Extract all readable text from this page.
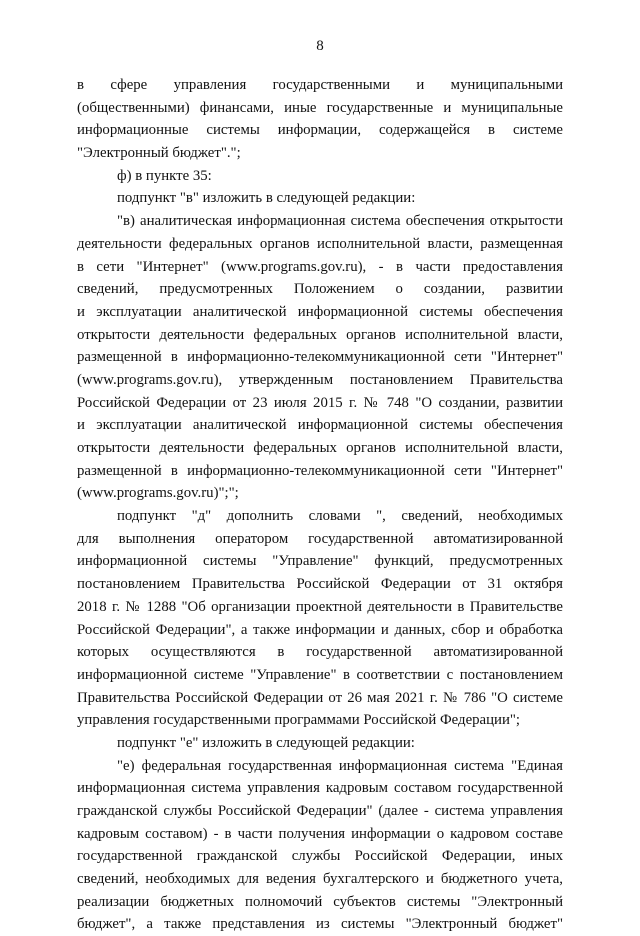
8
в сфере управления государственными и муниципальными
(общественными) финансами, иные государственные и муниципальные
информационные системы информации, содержащейся в системе
"Электронный бюджет".";
ф) в пункте 35:
подпункт "в" изложить в следующей редакции:
"в) аналитическая информационная система обеспечения открытости
деятельности федеральных органов исполнительной власти, размещенная
в сети "Интернет" (www.programs.gov.ru), - в части предоставления
сведений, предусмотренных Положением о создании, развитии
и эксплуатации аналитической информационной системы обеспечения
открытости деятельности федеральных органов исполнительной власти,
размещенной в информационно-телекоммуникационной сети "Интернет"
(www.programs.gov.ru), утвержденным постановлением Правительства
Российской Федерации от 23 июля 2015 г. № 748 "О создании, развитии
и эксплуатации аналитической информационной системы обеспечения
открытости деятельности федеральных органов исполнительной власти,
размещенной в информационно-телекоммуникационной сети "Интернет"
(www.programs.gov.ru)";";
подпункт "д" дополнить словами ", сведений, необходимых
для выполнения оператором государственной автоматизированной
информационной системы "Управление" функций, предусмотренных
постановлением Правительства Российской Федерации от 31 октября
2018 г. № 1288 "Об организации проектной деятельности в Правительстве
Российской Федерации", а также информации и данных, сбор и обработка
которых осуществляются в государственной автоматизированной
информационной системе "Управление" в соответствии с постановлением
Правительства Российской Федерации от 26 мая 2021 г. № 786 "О системе
управления государственными программами Российской Федерации";
подпункт "е" изложить в следующей редакции:
"е) федеральная государственная информационная система "Единая
информационная система управления кадровым составом государственной
гражданской службы Российской Федерации" (далее - система управления
кадровым составом) - в части получения информации о кадровом составе
государственной гражданской службы Российской Федерации, иных
сведений, необходимых для ведения бухгалтерского и бюджетного учета,
реализации бюджетных полномочий субъектов системы "Электронный
бюджет", а также представления из системы "Электронный бюджет"
